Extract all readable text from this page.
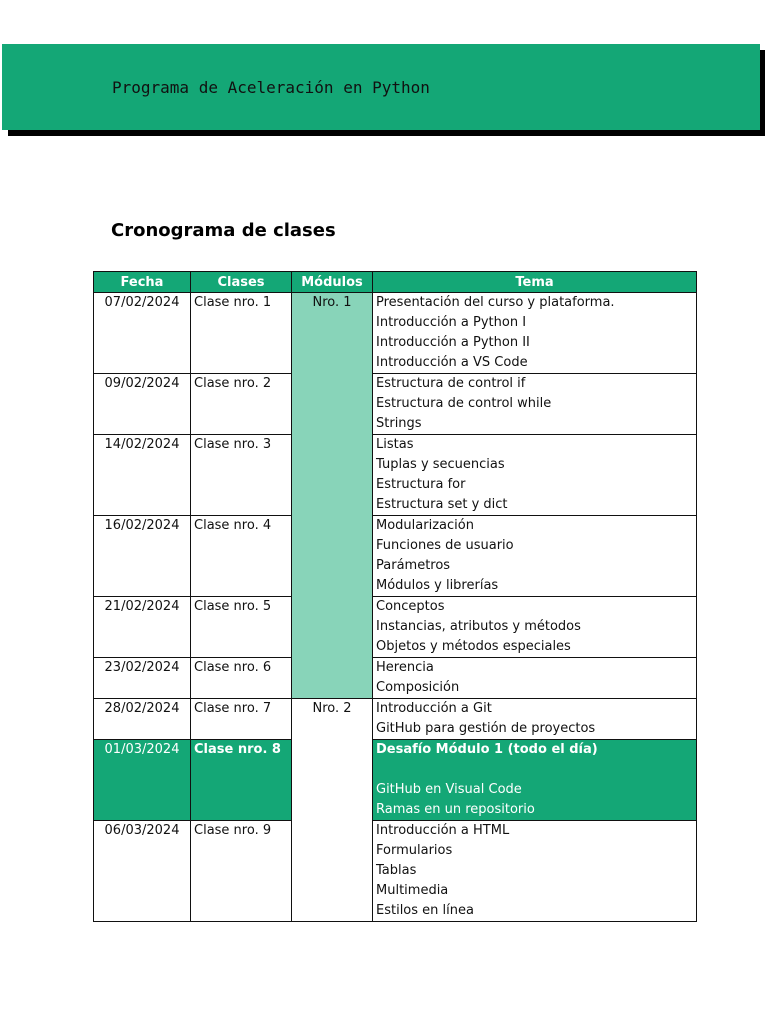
Programa de Aceleración en Python
Cronograma de clases
Fecha	Clases	Módulos	Tema
07/02/2024	Clase nro. 1	Nro. 1	Presentación del curso y plataforma.
Introducción a Python I
Introducción a Python II
Introducción a VS Code

09/02/2024	Clase nro. 2		Estructura de control if
Estructura de control while
Strings

14/02/2024	Clase nro. 3		Listas
Tuplas y secuencias
Estructura for
Estructura set y dict

16/02/2024	Clase nro. 4		Modularización
Funciones de usuario
Parámetros
Módulos y librerías

21/02/2024	Clase nro. 5		Conceptos
Instancias, atributos y métodos
Objetos y métodos especiales

23/02/2024	Clase nro. 6		Herencia
Composición

28/02/2024	Clase nro. 7	Nro. 2	Introducción a Git
GitHub para gestión de proyectos

01/03/2024	Clase nro. 8		Desafío Módulo 1 (todo el día)
GitHub en Visual Code
Ramas en un repositorio

06/03/2024	Clase nro. 9		Introducción a HTML
Formularios
Tablas
Multimedia
Estilos en línea
